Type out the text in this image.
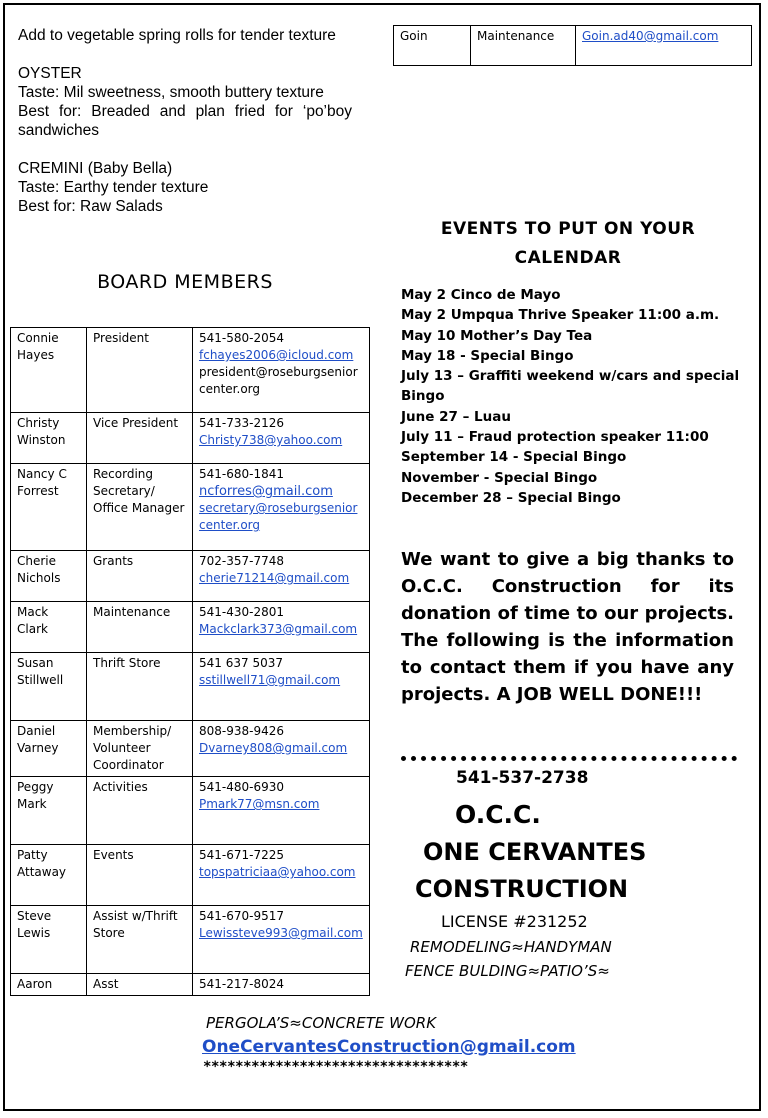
Add to vegetable spring rolls for tender texture

OYSTER

Taste: Mil sweetness, smooth buttery texture

Best for: Breaded and plan fried for ‘po’boy sandwiches

CREMINI (Baby Bella)

Taste: Earthy tender texture

Best for: Raw Salads

Goin	Maintenance	Goin.ad40@gmail.com
BOARD MEMBERS
Connie Hayes	President	541-580-2054
fchayes2006@icloud.com
president@roseburgseniorcenter.org

Christy Winston	Vice President	541-733-2126
Christy738@yahoo.com

Nancy C Forrest	Recording Secretary/ Office Manager	541-680-1841
ncforres@gmail.com
secretary@roseburgseniorcenter.org

Cherie Nichols	Grants	702-357-7748
cherie71214@gmail.com

Mack Clark	Maintenance	541-430-2801
Mackclark373@gmail.com

Susan Stillwell	Thrift Store	541 637 5037
sstillwell71@gmail.com

Daniel Varney	Membership/ Volunteer Coordinator	808-938-9426
Dvarney808@gmail.com

Peggy Mark	Activities	541-480-6930
Pmark77@msn.com

Patty Attaway	Events	541-671-7225
topspatriciaa@yahoo.com

Steve Lewis	Assist w/Thrift Store	541-670-9517
Lewissteve993@gmail.com

Aaron	Asst	541-217-8024
EVENTS TO PUT ON YOUR CALENDAR
May 2 Cinco de Mayo
May 2 Umpqua Thrive Speaker 11:00 a.m.
May 10 Mother’s Day Tea
May 18 - Special Bingo
July 13 – Graffiti weekend w/cars and special Bingo
June 27 – Luau
July 11 – Fraud protection speaker 11:00
September 14 - Special Bingo
November - Special Bingo
December 28 – Special Bingo
We want to give a big thanks to O.C.C. Construction for its donation of time to our projects. The following is the information to contact them if you have any projects. A JOB WELL DONE!!!
541-537-2738
O.C.C.
ONE CERVANTES
CONSTRUCTION
LICENSE #231252
REMODELING≈HANDYMAN
FENCE BULDING≈PATIO’S≈
PERGOLA’S≈CONCRETE WORK
OneCervantesConstruction@gmail.com
*********************************
